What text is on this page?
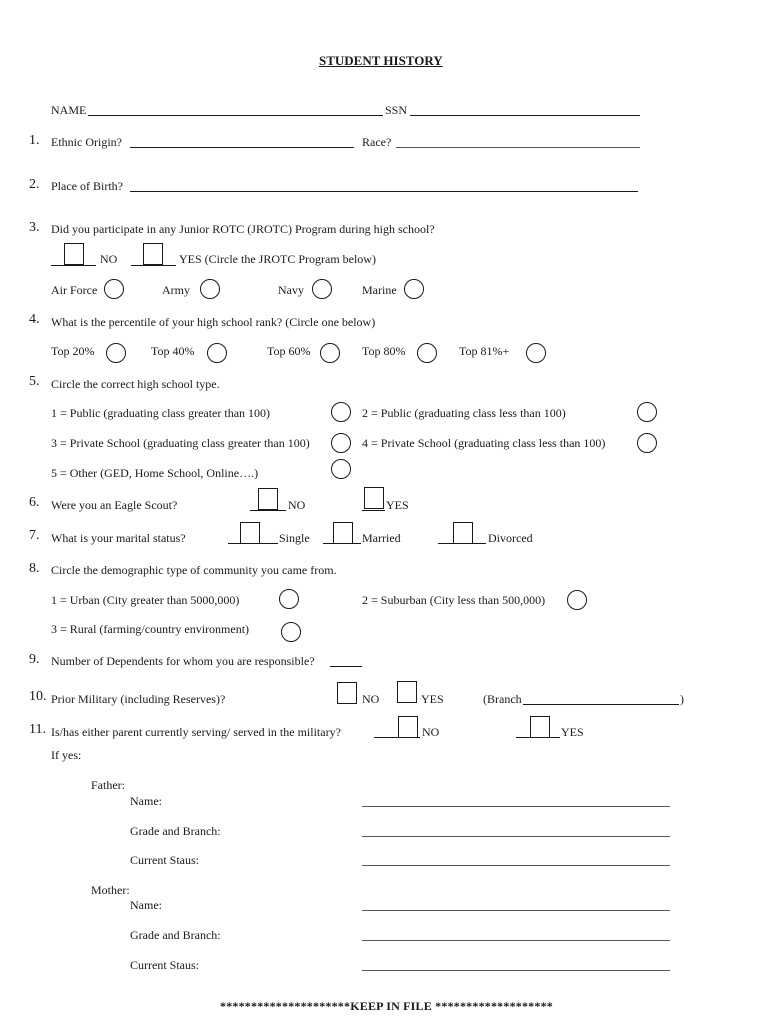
STUDENT HISTORY
NAME	SSN
1. Ethnic Origin?	Race?
2. Place of Birth?
3. Did you participate in any Junior ROTC (JROTC) Program during high school?
NO	YES (Circle the JROTC Program below)
Air Force	Army	Navy	Marine
4. What is the percentile of your high school rank? (Circle one below)
Top 20%	Top 40%	Top 60%	Top 80%	Top 81%+
5. Circle the correct high school type.
1 = Public (graduating class greater than 100)	2 = Public (graduating class less than 100)
3 = Private School (graduating class greater than 100)	4 = Private School (graduating class less than 100)
5 = Other (GED, Home School, Online….)
6. Were you an Eagle Scout?	NO	YES
7. What is your marital status?	Single	Married	Divorced
8. Circle the demographic type of community you came from.
1 = Urban (City greater than 5000,000)	2 = Suburban (City less than 500,000)
3 = Rural (farming/country environment)
9. Number of Dependents for whom you are responsible?
10. Prior Military (including Reserves)?	NO	YES	(Branch	)
11. Is/has either parent currently serving/ served in the military?	NO	YES
If yes:
Father:
Name:
Grade and Branch:
Current Staus:
Mother:
Name:
Grade and Branch:
Current Staus:
*********************KEEP IN FILE *******************
